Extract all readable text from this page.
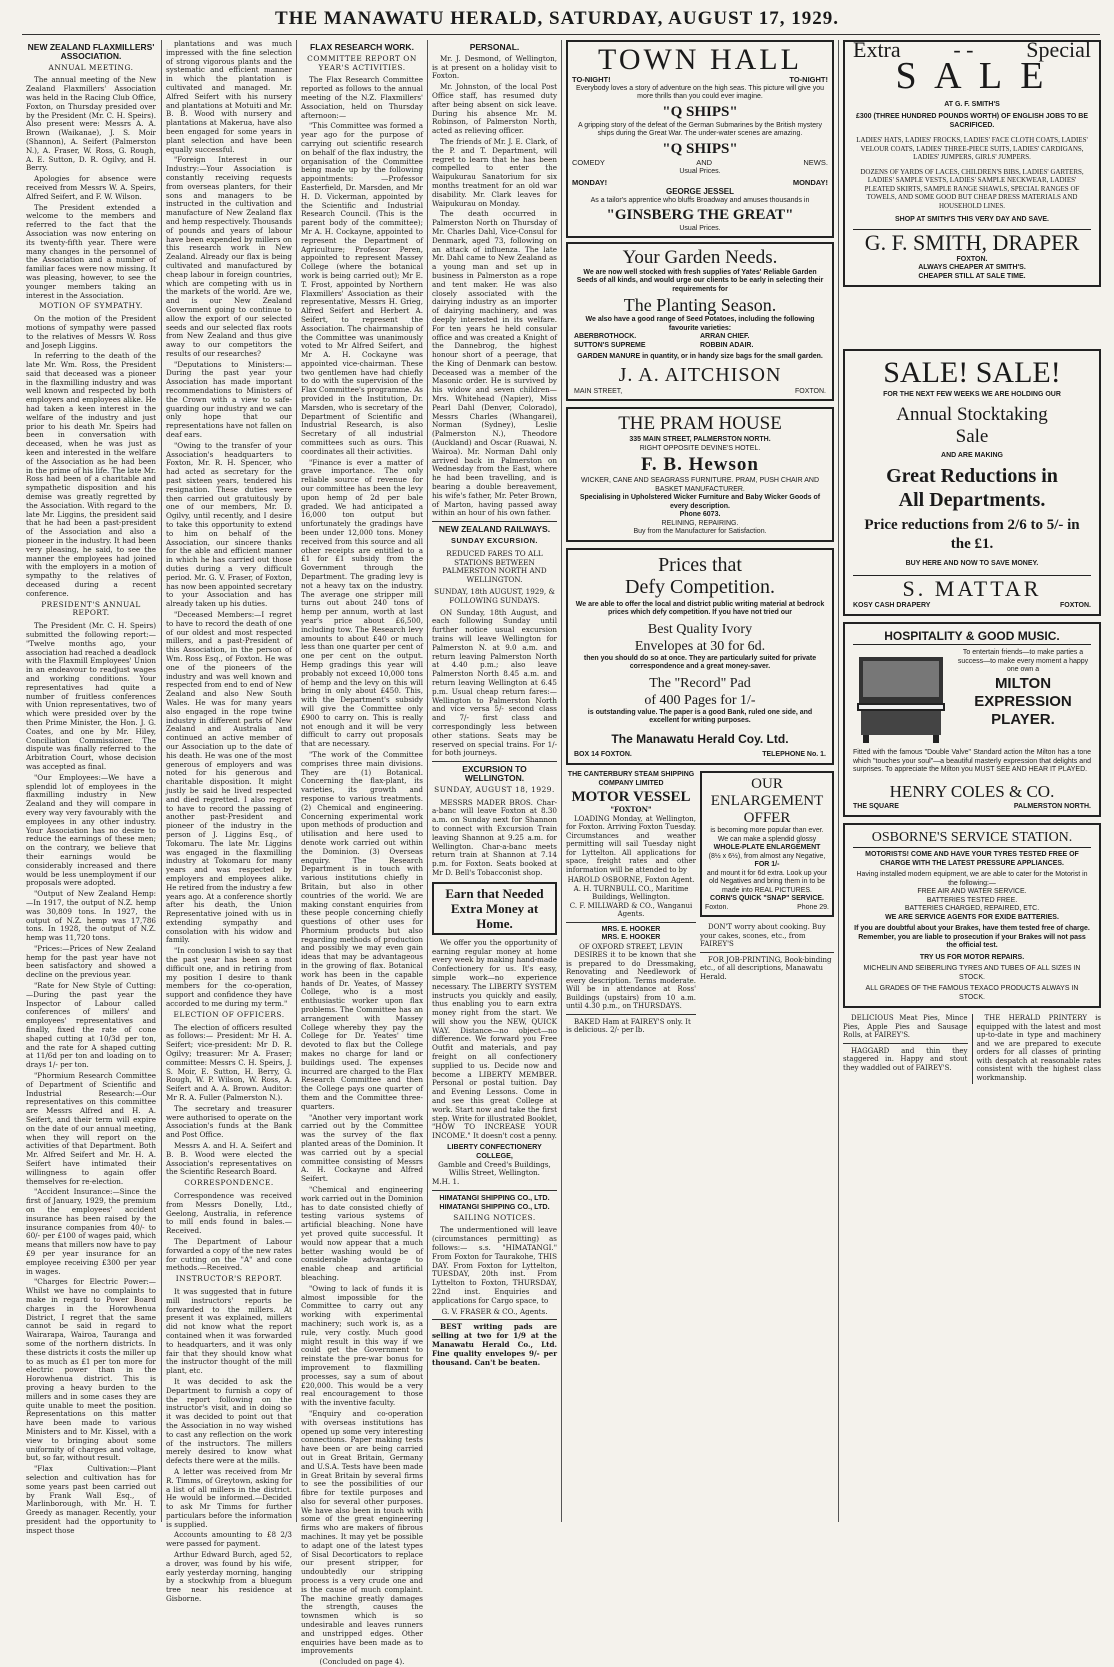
THE MANAWATU HERALD, SATURDAY, AUGUST 17, 1929.
NEW ZEALAND FLAXMILLERS' ASSOCIATION.
ANNUAL MEETING.

The annual meeting of the New Zealand Flaxmillers' Association was held in the Racing Club Office, Foxton, on Thursday presided over by the President (Mr. C. H. Speirs). Also present were: Messrs A. A. Brown (Waikanae), J. S. Moir (Shannon), A. Seifert (Palmerston N.), A. Fraser, W. Ross, G. Rough, A. E. Sutton, D. R. Ogilvy, and H. Berry.

Apologies for absence were received from Messrs W. A. Speirs, Alfred Seifert, and F. W. Wilson.

The President extended a welcome to the members and referred to the fact that the Association was now entering on its twenty-fifth year. There were many changes in the personnel of the Association and a number of familiar faces were now missing. It was pleasing, however, to see the younger members taking an interest in the Association.

MOTION OF SYMPATHY.

On the motion of the President motions of sympathy were passed to the relatives of Messrs W. Ross and Joseph Liggins.

In referring to the death of the late Mr. Wm. Ross, the President said that deceased was a pioneer in the flaxmilling industry and was well known and respected by both employers and employees alike. He had taken a keen interest in the welfare of the industry and just prior to his death Mr. Speirs had been in conversation with deceased, when he was just as keen and interested in the welfare of the Association as he had been in the prime of his life. The late Mr. Ross had been of a charitable and sympathetic disposition and his demise was greatly regretted by the Association. With regard to the late Mr. Liggins, the president said that he had been a past-president of the Association and also a pioneer in the industry. It had been very pleasing, he said, to see the manner the employees had joined with the employers in a motion of sympathy to the relatives of deceased during a recent conference.

PRESIDENT'S ANNUAL REPORT.

The President (Mr. C. H. Speirs) submitted the following report:— "Twelve months ago, your association had reached a deadlock with the Flaxmill Employees' Union in an endeavour to readjust wages and working conditions. Your representatives had quite a number of fruitless conferences with Union representatives, two of which were presided over by the then Prime Minister, the Hon. J. G. Coates, and one by Mr. Hiley, Conciliation Commissioner. The dispute was finally referred to the Arbitration Court, whose decision was accepted as final.

"Our Employees:—We have a splendid lot of employees in the flaxmilling industry in New Zealand and they will compare in every way very favourably with the employees in any other industry. Your Association has no desire to reduce the earnings of these men; on the contrary, we believe that their earnings would be considerably increased and there would be less unemployment if our proposals were adopted.

"Output of New Zealand Hemp: —In 1917, the output of N.Z. hemp was 30,809 tons. In 1927, the output of N.Z. hemp was 17,786 tons. In 1928, the output of N.Z. hemp was 11,720 tons.

"Prices:—Prices of New Zealand hemp for the past year have not been satisfactory and showed a decline on the previous year.

"Rate for New Style of Cutting: —During the past year the Inspector of Labour called conferences of millers' and employees' representatives and finally, fixed the rate of cone shaped cutting at 10/3d per ton, and the rate for A shaped cutting at 11/6d per ton and loading on to drays 1/- per ton.

"Phormium Research Committee of Department of Scientific and Industrial Research:—Our representatives on this committee are Messrs Alfred and H. A. Seifert, and their term will expire on the date of our annual meeting, when they will report on the activities of that Department. Both Mr. Alfred Seifert and Mr. H. A. Seifert have intimated their willingness to again offer themselves for re-election.

"Accident Insurance:—Since the first of January, 1929, the premium on the employees' accident insurance has been raised by the insurance companies from 40/- to 60/- per £100 of wages paid, which means that millers now have to pay £9 per year insurance for an employee receiving £300 per year in wages.

"Charges for Electric Power:— Whilst we have no complaints to make in regard to Power Board charges in the Horowhenua District, I regret that the same cannot be said in regard to Wairarapa, Wairoa, Tauranga and some of the northern districts. In these districts it costs the miller up to as much as £1 per ton more for electric power than in the Horowhenua district. This is proving a heavy burden to the millers and in some cases they are quite unable to meet the position. Representations on this matter have been made to various Ministers and to Mr. Kissel, with a view to bringing about some uniformity of charges and voltage, but, so far, without result.

"Flax Cultivation:—Plant selection and cultivation has for some years past been carried out by Frank Wall Esq., of Marlinborough, with Mr. H. T. Greedy as manager. Recently, your president had the opportunity to inspect those

plantations and was much impressed with the fine selection of strong vigorous plants and the systematic and efficient manner in which the plantation is cultivated and managed. Mr. Alfred Seifert with his nursery and plantations at Motuiti and Mr. B. B. Wood with nursery and plantations at Makerua, have also been engaged for some years in plant selection and have been equally successful.

"Foreign Interest in our Industry:—Your Association is constantly receiving requests from overseas planters, for their sons and managers to be instructed in the cultivation and manufacture of New Zealand flax and hemp respectively. Thousands of pounds and years of labour have been expended by millers on this research work in New Zealand. Already our flax is being cultivated and manufactured by cheap labour in foreign countries, which are competing with us in the markets of the world. Are we, and is our New Zealand Government going to continue to allow the export of our selected seeds and our selected flax roots from New Zealand and thus give away to our competitors the results of our researches?

"Deputations to Ministers:—During the past year your Association has made important recommendations to Ministers of the Crown with a view to safe-guarding our industry and we can only hope that our representations have not fallen on deaf ears.

"Owing to the transfer of your Association's headquarters to Foxton, Mr. R. H. Spencer, who had acted as secretary for the past sixteen years, tendered his resignation. These duties were then carried out gratuitously by one of our members, Mr. D. Ogilvy, until recently, and I desire to take this opportunity to extend to him on behalf of the Association, our sincere thanks for the able and efficient manner in which he has carried out those duties during a very difficult period. Mr. G. V. Fraser, of Foxton, has now been appointed secretary to your Association and has already taken up his duties.

"Deceased Members:—I regret to have to record the death of one of our oldest and most respected millers, and a past-President of this Association, in the person of Wm. Ross Esq., of Foxton. He was one of the pioneers of the industry and was well known and respected from end to end of New Zealand and also New South Wales. He was for many years also engaged in the rope twine industry in different parts of New Zealand and Australia and continued an active member of our Association up to the date of his death. He was one of the most generous of employers and was noted for his generous and charitable disposition. It might justly be said he lived respected and died regretted. I also regret to have to record the passing of another past-President and pioneer of the industry in the person of J. Liggins Esq., of Tokomaru. The late Mr. Liggins was engaged in the flaxmilling industry at Tokomaru for many years and was respected by employers and employees alike. He retired from the industry a few years ago. At a conference shortly after his death, the Union Representative joined with us in extending sympathy and consolation with his widow and family.

"In conclusion I wish to say that the past year has been a most difficult one, and in retiring from my position I desire to thank members for the co-operation, support and confidence they have accorded to me during my term."

ELECTION OF OFFICERS.

The election of officers resulted as follows:— President: Mr H. A. Seifert; vice-president: Mr D. R. Ogilvy; treasurer: Mr A. Fraser; committee: Messrs C. H. Speirs, J. S. Moir, E. Sutton, H. Berry, G. Rough, W. P. Wilson, W. Ross, A. Seifert and A. A. Brown. Auditor: Mr R. A. Fuller (Palmerston N.).

The secretary and treasurer were authorised to operate on the Association's funds at the Bank and Post Office.

Messrs A. and H. A. Seifert and B. B. Wood were elected the Association's representatives on the Scientific Research Board.

CORRESPONDENCE.

Correspondence was received from Messrs Donelly, Ltd., Geelong, Australia, in reference to mill ends found in bales.—Received.

The Department of Labour forwarded a copy of the new rates for cutting on the "A" and cone methods.—Received.

INSTRUCTOR'S REPORT.

It was suggested that in future mill instructors' reports be forwarded to the millers. At present it was explained, millers did not know what the report contained when it was forwarded to headquarters, and it was only fair that they should know what the instructor thought of the mill plant, etc.

It was decided to ask the Department to furnish a copy of the report following on the instructor's visit, and in doing so it was decided to point out that the Association in no way wished to cast any reflection on the work of the instructors. The millers merely desired to know what defects there were at the mills.

A letter was received from Mr R. Timms, of Greytown, asking for a list of all millers in the district. He would be informed.—Decided to ask Mr Timms for further particulars before the information is supplied.

Accounts amounting to £8 2/3 were passed for payment.

Arthur Edward Burch, aged 52, a drover, was found by his wife, early yesterday morning, hanging by a stockwhip from a bluegum tree near his residence at Gisborne.

FLAX RESEARCH WORK.
COMMITTEE REPORT ON YEAR'S ACTIVITIES.

The Flax Research Committee reported as follows to the annual meeting of the N.Z. Flaxmillers' Association, held on Thursday afternoon:—

"This Committee was formed a year ago for the purpose of carrying out scientific research on behalf of the flax industry, the organisation of the Committee being made up by the following appointments: —Professor Easterfield, Dr. Marsden, and Mr H. D. Vickerman, appointed by the Scientific and Industrial Research Council. (This is the parent body of the committee); Mr A. H. Cockayne, appointed to represent the Department of Agriculture; Professor Peren, appointed to represent Massey College (where the botanical work is being carried out); Mr E. T. Frost, appointed by Northern Flaxmillers' Association as their representative, Messrs H. Grieg, Alfred Seifert and Herbert A. Seifert, to represent the Association. The chairmanship of the Committee was unanimously voted to Mr Alfred Seifert, and Mr A. H. Cockayne was appointed vice-chairman. These two gentlemen have had chiefly to do with the supervision of the Flax Committee's programme. As provided in the Institution, Dr. Marsden, who is secretary of the Department of Scientific and Industrial Research, is also Secretary of all industrial committees such as ours. This coordinates all their activities.

"Finance is ever a matter of grave importance. The only reliable source of revenue for our committee has been the levy upon hemp of 2d per bale graded. We had anticipated a 16,000 ton output but unfortunately the gradings have been under 12,000 tons. Money received from this source and all other receipts are entitled to a £1 for £1 subsidy from the Government through the Department. The grading levy is not a heavy tax on the industry. The average one stripper mill turns out about 240 tons of hemp per annum, worth at last year's price about £6,500, including tow. The Research levy amounts to about £40 or much less than one quarter per cent of one per cent on the output. Hemp gradings this year will probably not exceed 10,000 tons of hemp and the levy on this will bring in only about £450. This, with the Department's subsidy will give the Committee only £900 to carry on. This is really not enough and it will be very difficult to carry out proposals that are necessary.

"The work of the Committee comprises three main divisions. They are (1) Botanical. Concerning the flax-plant, its varieties, its growth and response to various treatments. (2) Chemical and engineering. Concerning experimental work upon methods of production and utilisation and here used to denote work carried out within the Dominion. (3) Overseas enquiry. The Research Department is in touch with various institutions chiefly in Britain, but also in other countries of the world. We are making constant enquiries from these people concerning chiefly questions of other uses for Phormium products but also regarding methods of production and possibly we may even gain ideas that may be advantageous in the growing of flax. Botanical work has been in the capable hands of Dr. Yeates, of Massey College, who is a most enthusiastic worker upon flax problems. The Committee has an arrangement with Massey College whereby they pay the College for Dr. Yeates' time devoted to flax but the College makes no charge for land or buildings used. The expenses incurred are charged to the Flax Research Committee and then the College pays one quarter of them and the Committee three-quarters.

"Another very important work carried out by the Committee was the survey of the flax planted areas of the Dominion. It was carried out by a special committee consisting of Messrs A. H. Cockayne and Alfred Seifert.

"Chemical and engineering work carried out in the Dominion has to date consisted chiefly of testing various systems of artificial bleaching. None have yet proved quite successful. It would now appear that a much better washing would be of considerable advantage to enable cheap and artificial bleaching.

"Owing to lack of funds it is almost impossible for the Committee to carry out any working with experimental machinery; such work is, as a rule, very costly. Much good might result in this way if we could get the Government to reinstate the pre-war bonus for improvement to flaxmilling processes, say a sum of about £20,000. This would be a very real encouragement to those with the inventive faculty.

"Enquiry and co-operation with overseas institutions has opened up some very interesting connections. Paper making tests have been or are being carried out in Great Britain, Germany and U.S.A. Tests have been made in Great Britain by several firms to see the possibilities of our fibre for textile purposes and also for several other purposes. We have also been in touch with some of the great engineering firms who are makers of fibrous machines. It may yet be possible to adapt one of the latest types of Sisal Decorticators to replace our present stripper, for undoubtedly our stripping process is a very crude one and is the cause of much complaint. The machine greatly damages the strength, causes the townsmen which is so undesirable and leaves runners and unstripped edges. Other enquiries have been made as to improvements

(Concluded on page 4).
PERSONAL.

Mr. J. Desmond, of Wellington, is at present on a holiday visit to Foxton.

Mr. Johnston, of the local Post Office staff, has resumed duty after being absent on sick leave. During his absence Mr. M. Robinson, of Palmerston North, acted as relieving officer.

The friends of Mr. J. E. Clark, of the P. and T. Department, will regret to learn that he has been compelled to enter the Waipukurau Sanatorium for six months treatment for an old war disability. Mr. Clark leaves for Waipukurau on Monday.

The death occurred in Palmerston North on Thursday of Mr. Charles Dahl, Vice-Consul for Denmark, aged 73, following on an attack of influenza. The late Mr. Dahl came to New Zealand as a young man and set up in business in Palmerston as a rope and tent maker. He was also closely associated with the dairying industry as an importer of dairying machinery, and was deeply interested in its welfare. For ten years he held consular office and was created a Knight of the Dannebrog, the highest honour short of a peerage, that the King of Denmark can bestow. Deceased was a member of the Masonic order. He is survived by his widow and seven children—Mrs. Whitehead (Napier), Miss Pearl Dahl (Denver, Colorado), Messrs Charles (Whangarei), Norman (Sydney), Leslie (Palmerston N.), Theodore (Auckland) and Oscar (Ruawai, N. Wairoa). Mr. Norman Dahl only arrived back in Palmerston on Wednesday from the East, where he had been travelling, and is bearing a double bereavement, his wife's father, Mr. Peter Brown, of Marton, having passed away within an hour of his own father.

NEW ZEALAND RAILWAYS.
SUNDAY EXCURSION.
REDUCED FARES TO ALL STATIONS BETWEEN PALMERSTON NORTH AND WELLINGTON.
SUNDAY, 18th AUGUST, 1929, & FOLLOWING SUNDAYS.

ON Sunday, 18th August, and each following Sunday until further notice usual excursion trains will leave Wellington for Palmerston N. at 9.0 a.m. and return leaving Palmerston North at 4.40 p.m.; also leave Palmerston North 8.45 a.m. and return leaving Wellington at 6.45 p.m. Usual cheap return fares:—Wellington to Palmerston North and vice versa 5/- second class and 7/- first class and correspondingly less between other stations. Seats may be reserved on special trains. For 1/- for both journeys.

EXCURSION TO WELLINGTON.
SUNDAY, AUGUST 18, 1929.

MESSRS MADER BROS. Char-a-banc will leave Foxton at 8.30 a.m. on Sunday next for Shannon to connect with Excursion Train leaving Shannon at 9.25 a.m. for Wellington. Char-a-banc meets return train at Shannon at 7.14 p.m. for Foxton. Seats booked at Mr D. Bell's Tobacconist shop.

Earn that Needed Extra Money at Home.

We offer you the opportunity of earning regular money at home every week by making hand-made Confectionery for us. It's easy, simple work—no experience necessary. The LIBERTY SYSTEM instructs you quickly and easily, thus enabling you to earn extra money right from the start. We will show you the NEW, QUICK WAY. Distance—no object—no difference. We forward you Free Outfit and materials, and pay freight on all confectionery supplied to us. Decide now and become a LIBERTY MEMBER. Personal or postal tuition. Day and Evening Lessons. Come in and see this great College at work. Start now and take the first step. Write for illustrated Booklet, "HOW TO INCREASE YOUR INCOME." It doesn't cost a penny.

LIBERTY CONFECTIONERY COLLEGE,
Gamble and Creed's Buildings, Willis Street, Wellington.
M.H. 1.
HIMATANGI SHIPPING CO., LTD.
HIMATANGI SHIPPING CO., LTD.
SAILING NOTICES.

The undermentioned will leave (circumstances permitting) as follows:— s.s. "HIMATANGI." From Foxton for Taurakohe, THIS DAY. From Foxton for Lyttelton, TUESDAY, 20th inst. From Lyttelton to Foxton, THURSDAY, 22nd inst. Enquiries and applications for Cargo space, to

G. V. FRASER & CO., Agents.

BEST writing pads are selling at two for 1/9 at the Manawatu Herald Co., Ltd. Fine quality envelopes 9/- per thousand. Can't be beaten.

TOWN HALL
TO-NIGHT!	TO-NIGHT!
Everybody loves a story of adventure on the high seas. This picture will give you more thrills than you could ever imagine.
"Q SHIPS"
A gripping story of the defeat of the German Submarines by the British mystery ships during the Great War. The under-water scenes are amazing.
"Q SHIPS"
COMEDY	AND	NEWS.
Usual Prices.
MONDAY!	MONDAY!
GEORGE JESSEL
As a tailor's apprentice who bluffs Broadway and amuses thousands in
"GINSBERG THE GREAT"
Usual Prices.
Your Garden Needs.
We are now well stocked with fresh supplies of Yates' Reliable Garden Seeds of all kinds, and would urge our clients to be early in selecting their requirements for
The Planting Season.
We also have a good range of Seed Potatoes, including the following favourite varieties:
ABERBROTHOCK.	ARRAN CHIEF.
SUTTON'S SUPREME	ROBBIN ADAIR.
GARDEN MANURE in quantity, or in handy size bags for the small garden.
J. A. AITCHISON
MAIN STREET,	FOXTON.
THE PRAM HOUSE
335 MAIN STREET, PALMERSTON NORTH.
RIGHT OPPOSITE DEVINE'S HOTEL.
F. B. Hewson
WICKER, CANE AND SEAGRASS FURNITURE. PRAM, PUSH CHAIR AND BASKET MANUFACTURER.
Specialising in Upholstered Wicker Furniture and Baby Wicker Goods of every description.
Phone 6073.
RELINING, REPAIRING.
Buy from the Manufacturer for Satisfaction.
Prices that
Defy Competition.
We are able to offer the local and district public writing material at bedrock prices which defy competition. If you have not tried our
Best Quality Ivory
Envelopes at 30 for 6d.
then you should do so at once. They are particularly suited for private correspondence and a great money-saver.
The "Record" Pad
of 400 Pages for 1/-
is outstanding value. The paper is a good Bank, ruled one side, and excellent for writing purposes.
The Manawatu Herald Coy. Ltd.
BOX 14 FOXTON.	TELEPHONE No. 1.
THE CANTERBURY STEAM SHIPPING COMPANY LIMITED
MOTOR VESSEL
"FOXTON"

LOADING Monday, at Wellington, for Foxton. Arriving Foxton Tuesday. Circumstances and weather permitting will sail Tuesday night for Lyttelton. All applications for space, freight rates and other information will be attended to by

HAROLD OSBORNE, Foxton Agent.
A. H. TURNBULL CO., Maritime Buildings, Wellington.
C. F. MILLWARD & CO., Wanganui Agents.
MRS. E. HOOKER
MRS. E. HOOKER
OF OXFORD STREET, LEVIN

DESIRES it to be known that she is prepared to do Dressmaking, Renovating and Needlework of every description. Terms moderate. Will be in attendance at Ross' Buildings (upstairs) from 10 a.m. until 4.30 p.m., on THURSDAYS.

BAKED Ham at FAIREY'S only. It is delicious. 2/- per lb.

OUR
ENLARGEMENT
OFFER
is becoming more popular than ever.
We can make a splendid glossy
WHOLE-PLATE ENLARGEMENT
(8½ x 6½), from almost any Negative,
FOR 1/-
and mount it for 6d extra. Look up your old Negatives and bring them in to be made into REAL PICTURES.
CORN'S QUICK "SNAP" SERVICE.
Foxton.	Phone 29.

DON'T worry about cooking. Buy your cakes, scones, etc., from FAIREY'S

FOR JOB-PRINTING, Book-binding etc., of all descriptions, Manawatu Herald.

Extra - - Special
S A L E
AT G. F. SMITH'S
£300 (THREE HUNDRED POUNDS WORTH) OF ENGLISH JOBS TO BE SACRIFICED.
LADIES' HATS, LADIES' FROCKS, LADIES' FACE CLOTH COATS, LADIES' VELOUR COATS, LADIES' THREE-PIECE SUITS, LADIES' CARDIGANS, LADIES' JUMPERS, GIRLS' JUMPERS.
DOZENS OF YARDS OF LACES, CHILDREN'S BIBS, LADIES' GARTERS, LADIES' SAMPLE VESTS, LADIES' SAMPLE NECKWEAR, LADIES' PLEATED SKIRTS, SAMPLE RANGE SHAWLS, SPECIAL RANGES OF TOWELS, AND SOME GOOD BUT CHEAP DRESS MATERIALS AND HOUSEHOLD LINES.
SHOP AT SMITH'S THIS VERY DAY AND SAVE.
G. F. SMITH, DRAPER
FOXTON.
ALWAYS CHEAPER AT SMITH'S.
CHEAPER STILL AT SALE TIME.
SALE! SALE!
FOR THE NEXT FEW WEEKS WE ARE HOLDING OUR
Annual Stocktaking
Sale
AND ARE MAKING
Great Reductions in
All Departments.
Price reductions from 2/6 to 5/- in the £1.
BUY HERE AND NOW TO SAVE MONEY.
S. MATTAR
KOSY CASH DRAPERY	FOXTON.
HOSPITALITY & GOOD MUSIC.
To entertain friends—to make parties a success—to make every moment a happy one own a
MILTON
EXPRESSION
PLAYER.
Fitted with the famous "Double Valve" Standard action the Milton has a tone which "touches your soul"—a beautiful masterly expression that delights and surprises. To appreciate the Milton you MUST SEE AND HEAR IT PLAYED.
HENRY COLES & CO.
THE SQUARE	PALMERSTON NORTH.
OSBORNE'S SERVICE STATION.
MOTORISTS! COME AND HAVE YOUR TYRES TESTED FREE OF CHARGE WITH THE LATEST PRESSURE APPLIANCES.
Having installed modern equipment, we are able to cater for the Motorist in the following:—
FREE AIR AND WATER SERVICE.
BATTERIES TESTED FREE.
BATTERIES CHARGED, REPAIRED, ETC.
WE ARE SERVICE AGENTS FOR EXIDE BATTERIES.
If you are doubtful about your Brakes, have them tested free of charge. Remember, you are liable to prosecution if your Brakes will not pass the official test.
TRY US FOR MOTOR REPAIRS.
MICHELIN AND SEIBERLING TYRES AND TUBES OF ALL SIZES IN STOCK.
ALL GRADES OF THE FAMOUS TEXACO PRODUCTS ALWAYS IN STOCK.

DELICIOUS Meat Pies, Mince Pies, Apple Pies and Sausage Rolls, at FAIREY'S.

HAGGARD and thin they staggered in. Happy and stout they waddled out of FAIREY'S.

THE HERALD PRINTERY is equipped with the latest and most up-to-date in type and machinery and we are prepared to execute orders for all classes of printing with despatch at reasonable rates consistent with the highest class workmanship.
